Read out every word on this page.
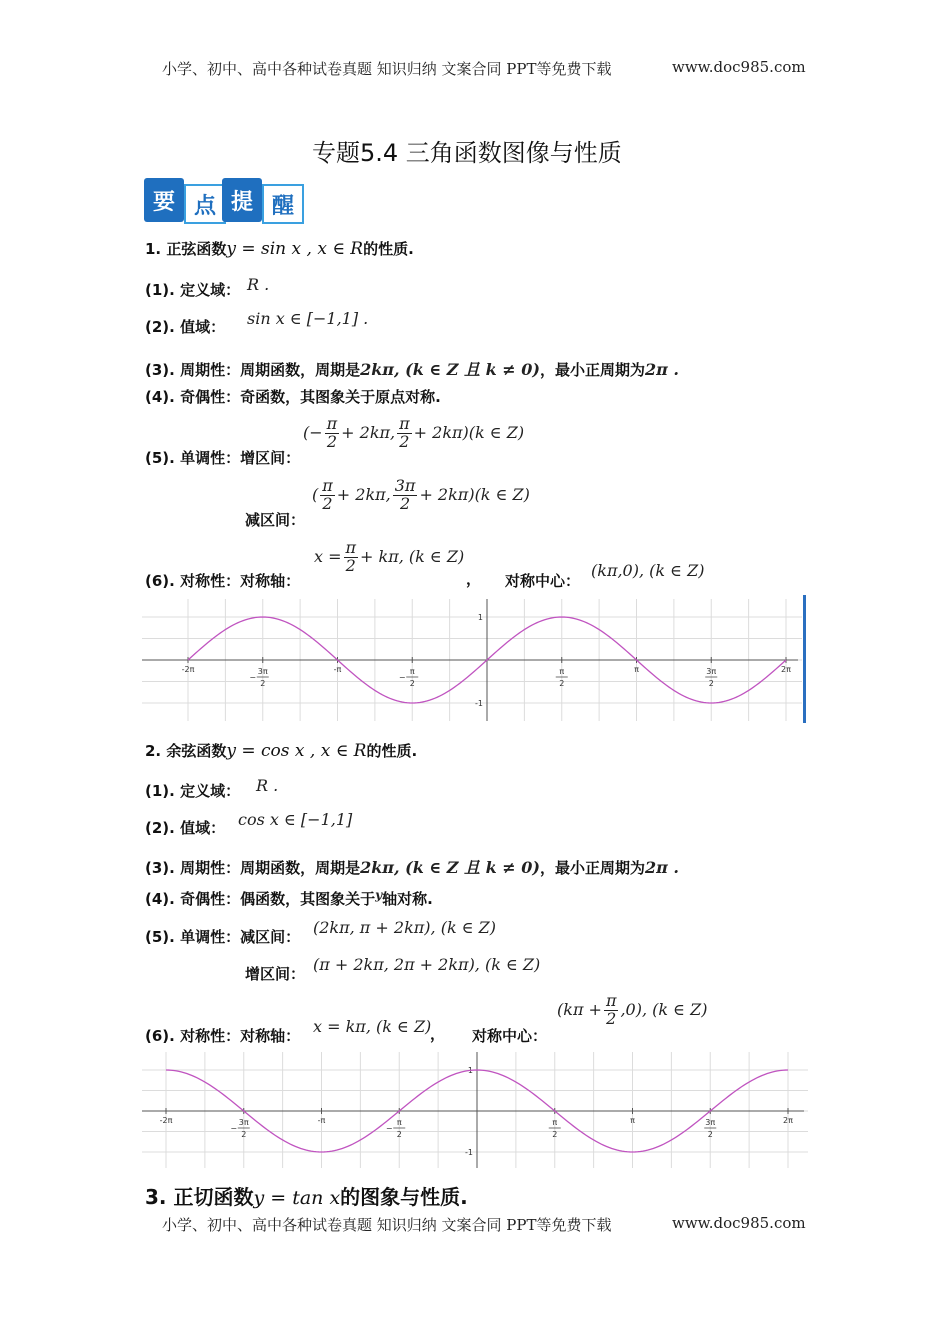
小学、初中、高中各种试卷真题 知识归纳 文案合同 PPT等免费下载	www.doc985.com
专题5.4 三角函数图像与性质
要 点 提 醒
1. 正弦函数y = sin x , x ∈ R的性质.
(1). 定义域： R .
(2). 值域： sin x ∈ [−1,1] .
(3). 周期性：周期函数，周期是2kπ, (k ∈ Z 且 k ≠ 0)，最小正周期为2π .
(4). 奇偶性：奇函数，其图象关于原点对称.
(5). 单调性：增区间：
(− $\frac{\pi}{2} + 2k\pi$, $\frac{\pi}{2} + 2k\pi)(k$ ∈ Z)
减区间：
( $\frac{\pi}{2} + 2k\pi$, $\frac{3\pi}{2} + 2k\pi)(k$ ∈ Z)
(6). 对称性：对称轴：
$x = \frac{\pi}{2} + k\pi$, (k ∈ Z)
， 对称中心：
(kπ,0), (k ∈ Z)
-2π	3π
2
−
-π	π
2
−
π
2
π	3π
2
2π
1
-1
2. 余弦函数y = cos x , x ∈ R的性质.
(1). 定义域： R .
(2). 值域： cos x ∈ [−1,1]
(3). 周期性：周期函数，周期是2kπ, (k ∈ Z 且 k ≠ 0)，最小正周期为2π .
(4). 奇偶性：偶函数，其图象关于$^y$轴对称.
(5). 单调性：减区间： (2kπ, π + 2kπ), (k ∈ Z)
增区间： (π + 2kπ, 2π + 2kπ), (k ∈ Z)
(6). 对称性：对称轴： x = kπ, (k ∈ Z)
， 对称中心：
$(k\pi + \frac{\pi}{2} ,0)$, (k ∈ Z)
-2π	3π
2
−
-π	π
2
−
π
2
π	3π
2
2π
1
-1
3. 正切函数y = tan x的图象与性质.
小学、初中、高中各种试卷真题 知识归纳 文案合同 PPT等免费下载	www.doc985.com
